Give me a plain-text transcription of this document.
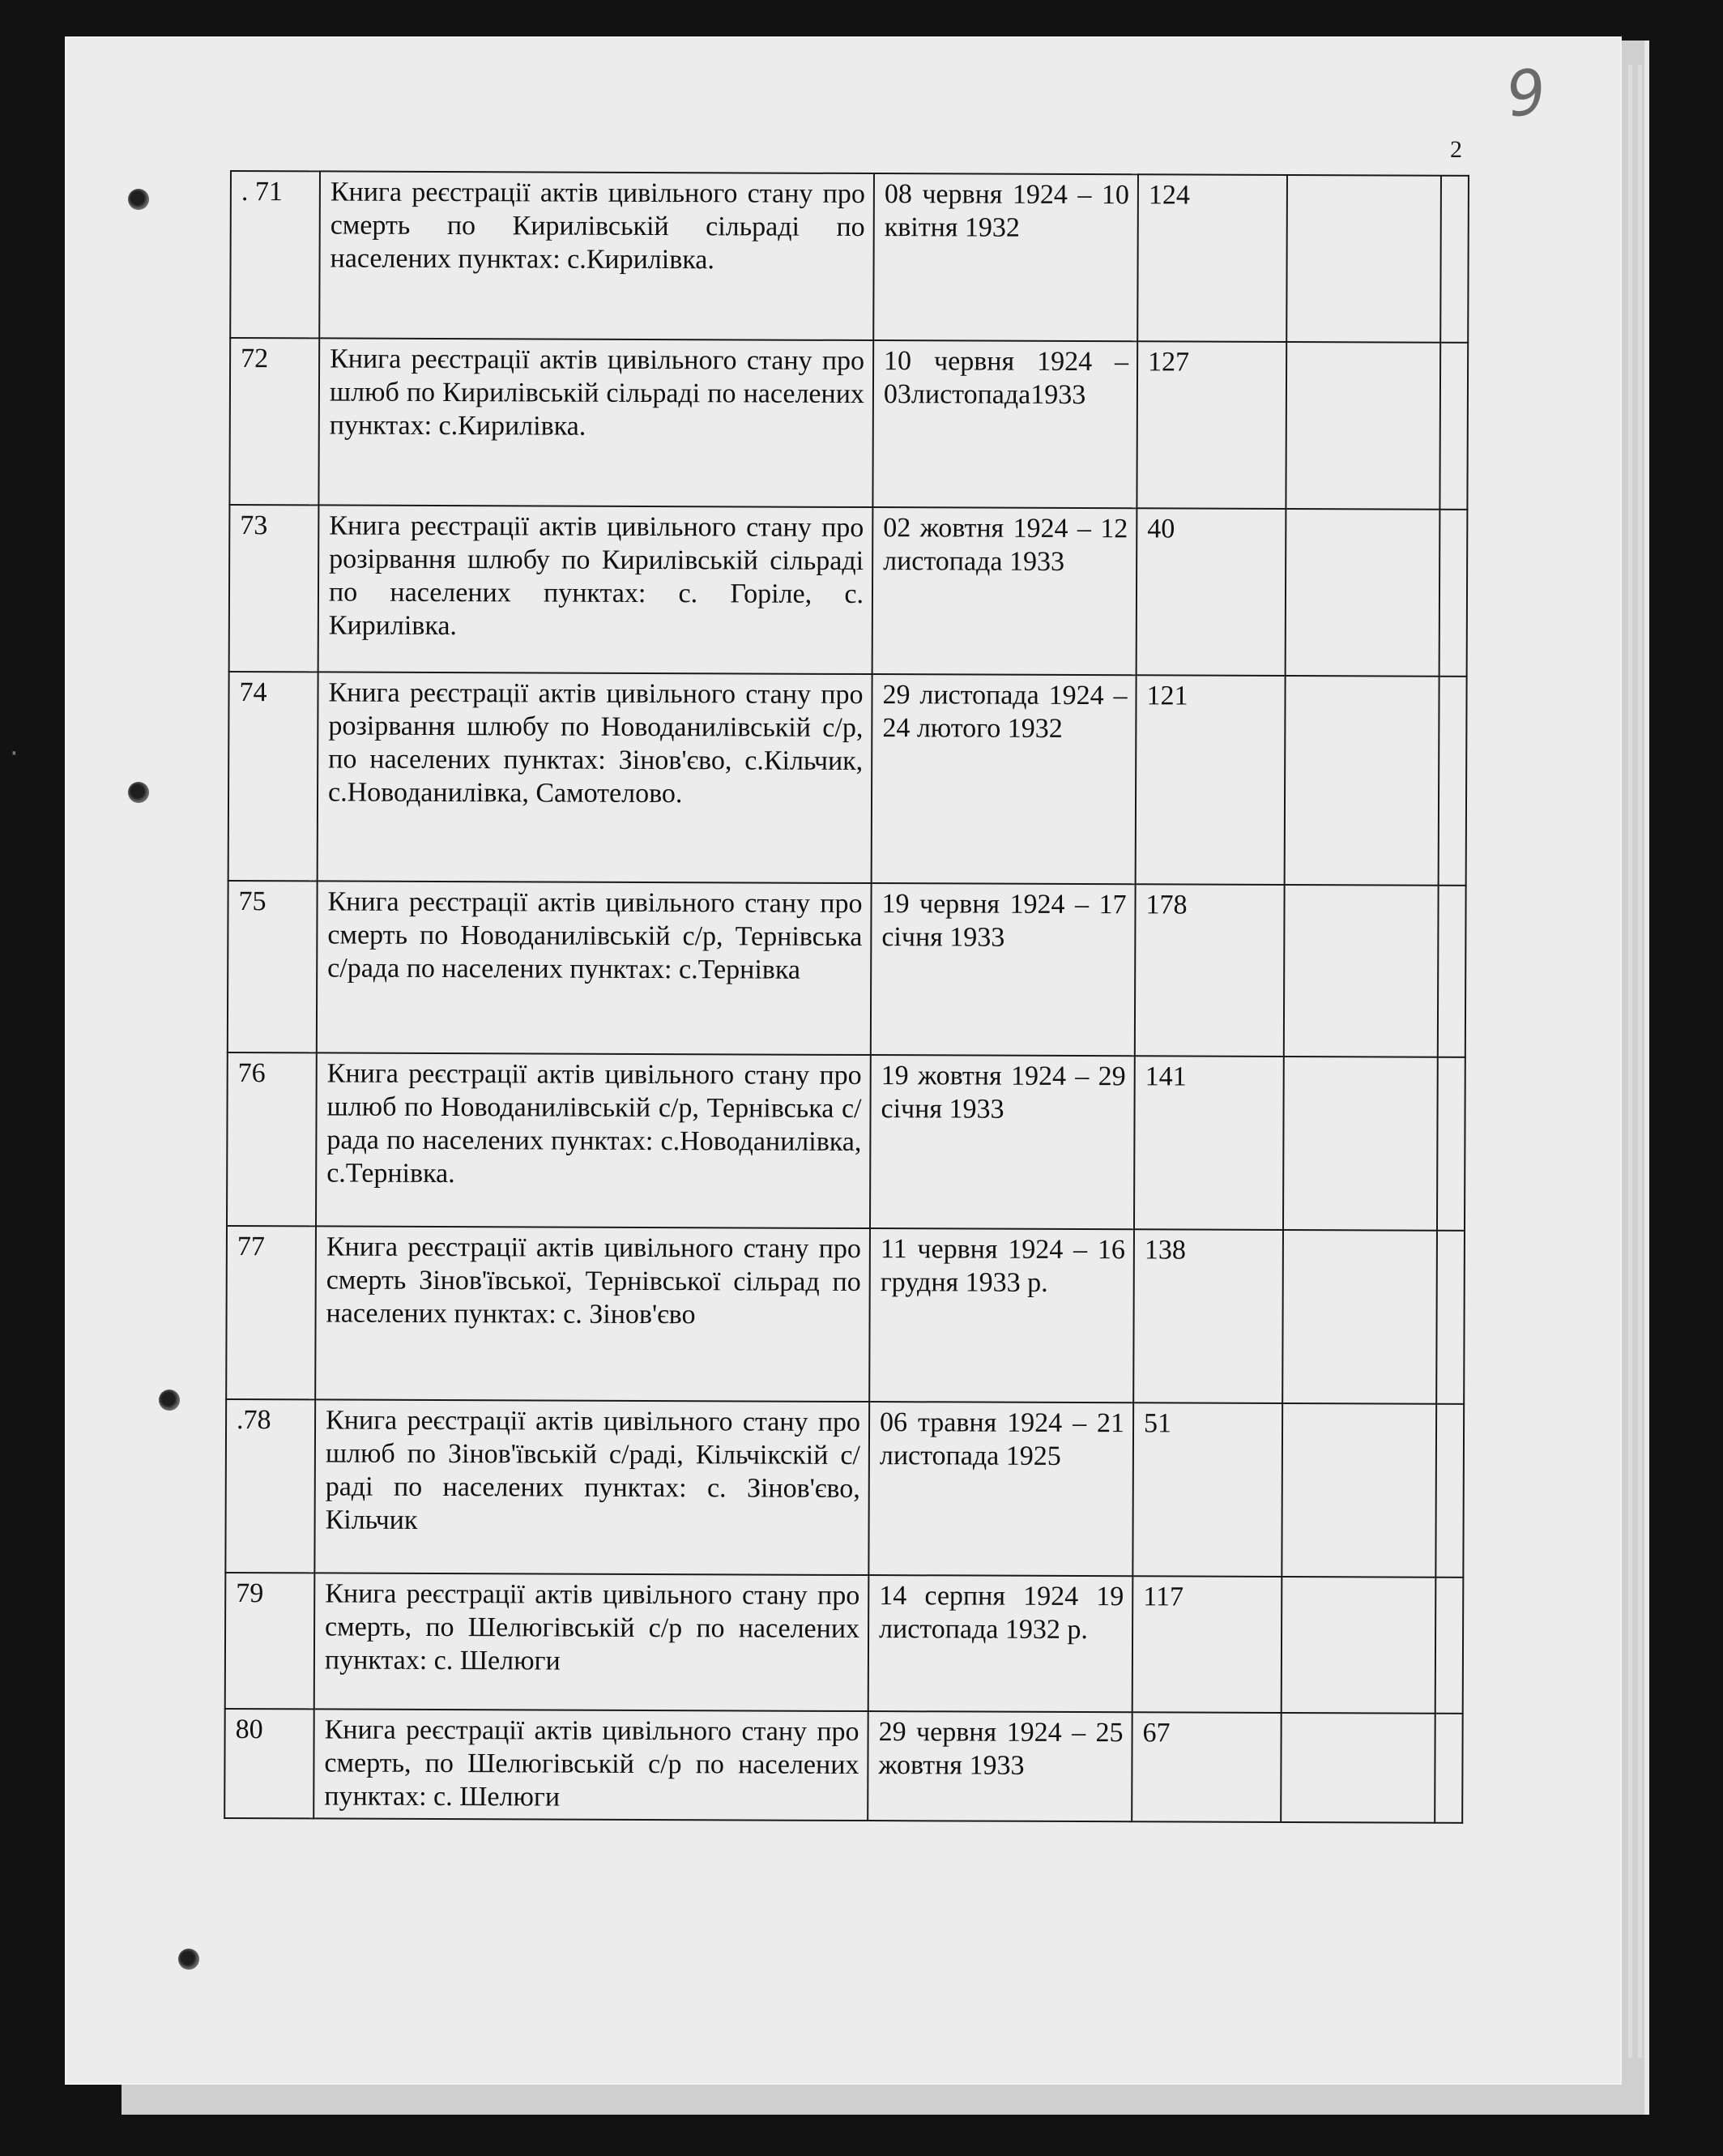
·
9
2
. 71	Книга реєстрації актів цивільного стану про смерть по Кирилівській сільраді по населених пунктах: с.Кирилівка.	08 червня 1924 – 10 квітня 1932	124		
72	Книга реєстрації актів цивільного стану про шлюб по Кирилівській сільраді по населених пунктах: с.Кирилівка.	10 червня 1924 – 03листопада1933	127		
73	Книга реєстрації актів цивільного стану про розірвання шлюбу по Кирилівській сільраді по населених пунктах: с. Горіле, с. Кирилівка.	02 жовтня 1924 – 12 листопада 1933	40		
74	Книга реєстрації актів цивільного стану про розірвання шлюбу по Новоданилівській с/р, по населених пунктах: Зінов'єво, с.Кільчик, с.Новоданилівка, Самотелово.	29 листопада 1924 – 24 лютого 1932	121		
75	Книга реєстрації актів цивільного стану про смерть по Новоданилівській с/р, Тернівська с/рада по населених пунктах: с.Тернівка	19 червня 1924 – 17 січня 1933	178		
76	Книга реєстрації актів цивільного стану про шлюб по Новоданилівській с/р, Тернівська с/рада по населених пунктах: с.Новоданилівка, с.Тернівка.	19 жовтня 1924 – 29 січня 1933	141		
77	Книга реєстрації актів цивільного стану про смерть Зінов'ївської, Тернівської сільрад по населених пунктах: с. Зінов'єво	11 червня 1924 – 16 грудня 1933 р.	138		
.78	Книга реєстрації актів цивільного стану про шлюб по Зінов'ївській с/раді, Кільчікскій с/раді по населених пунктах: с. Зінов'єво, Кільчик	06 травня 1924 – 21 листопада 1925	51		
79	Книга реєстрації актів цивільного стану про смерть, по Шелюгівській с/р по населених пунктах: с. Шелюги	14 серпня 1924 19 листопада 1932 р.	117		
80	Книга реєстрації актів цивільного стану про смерть, по Шелюгівській с/р по населених пунктах: с. Шелюги	29 червня 1924 – 25 жовтня 1933	67		
